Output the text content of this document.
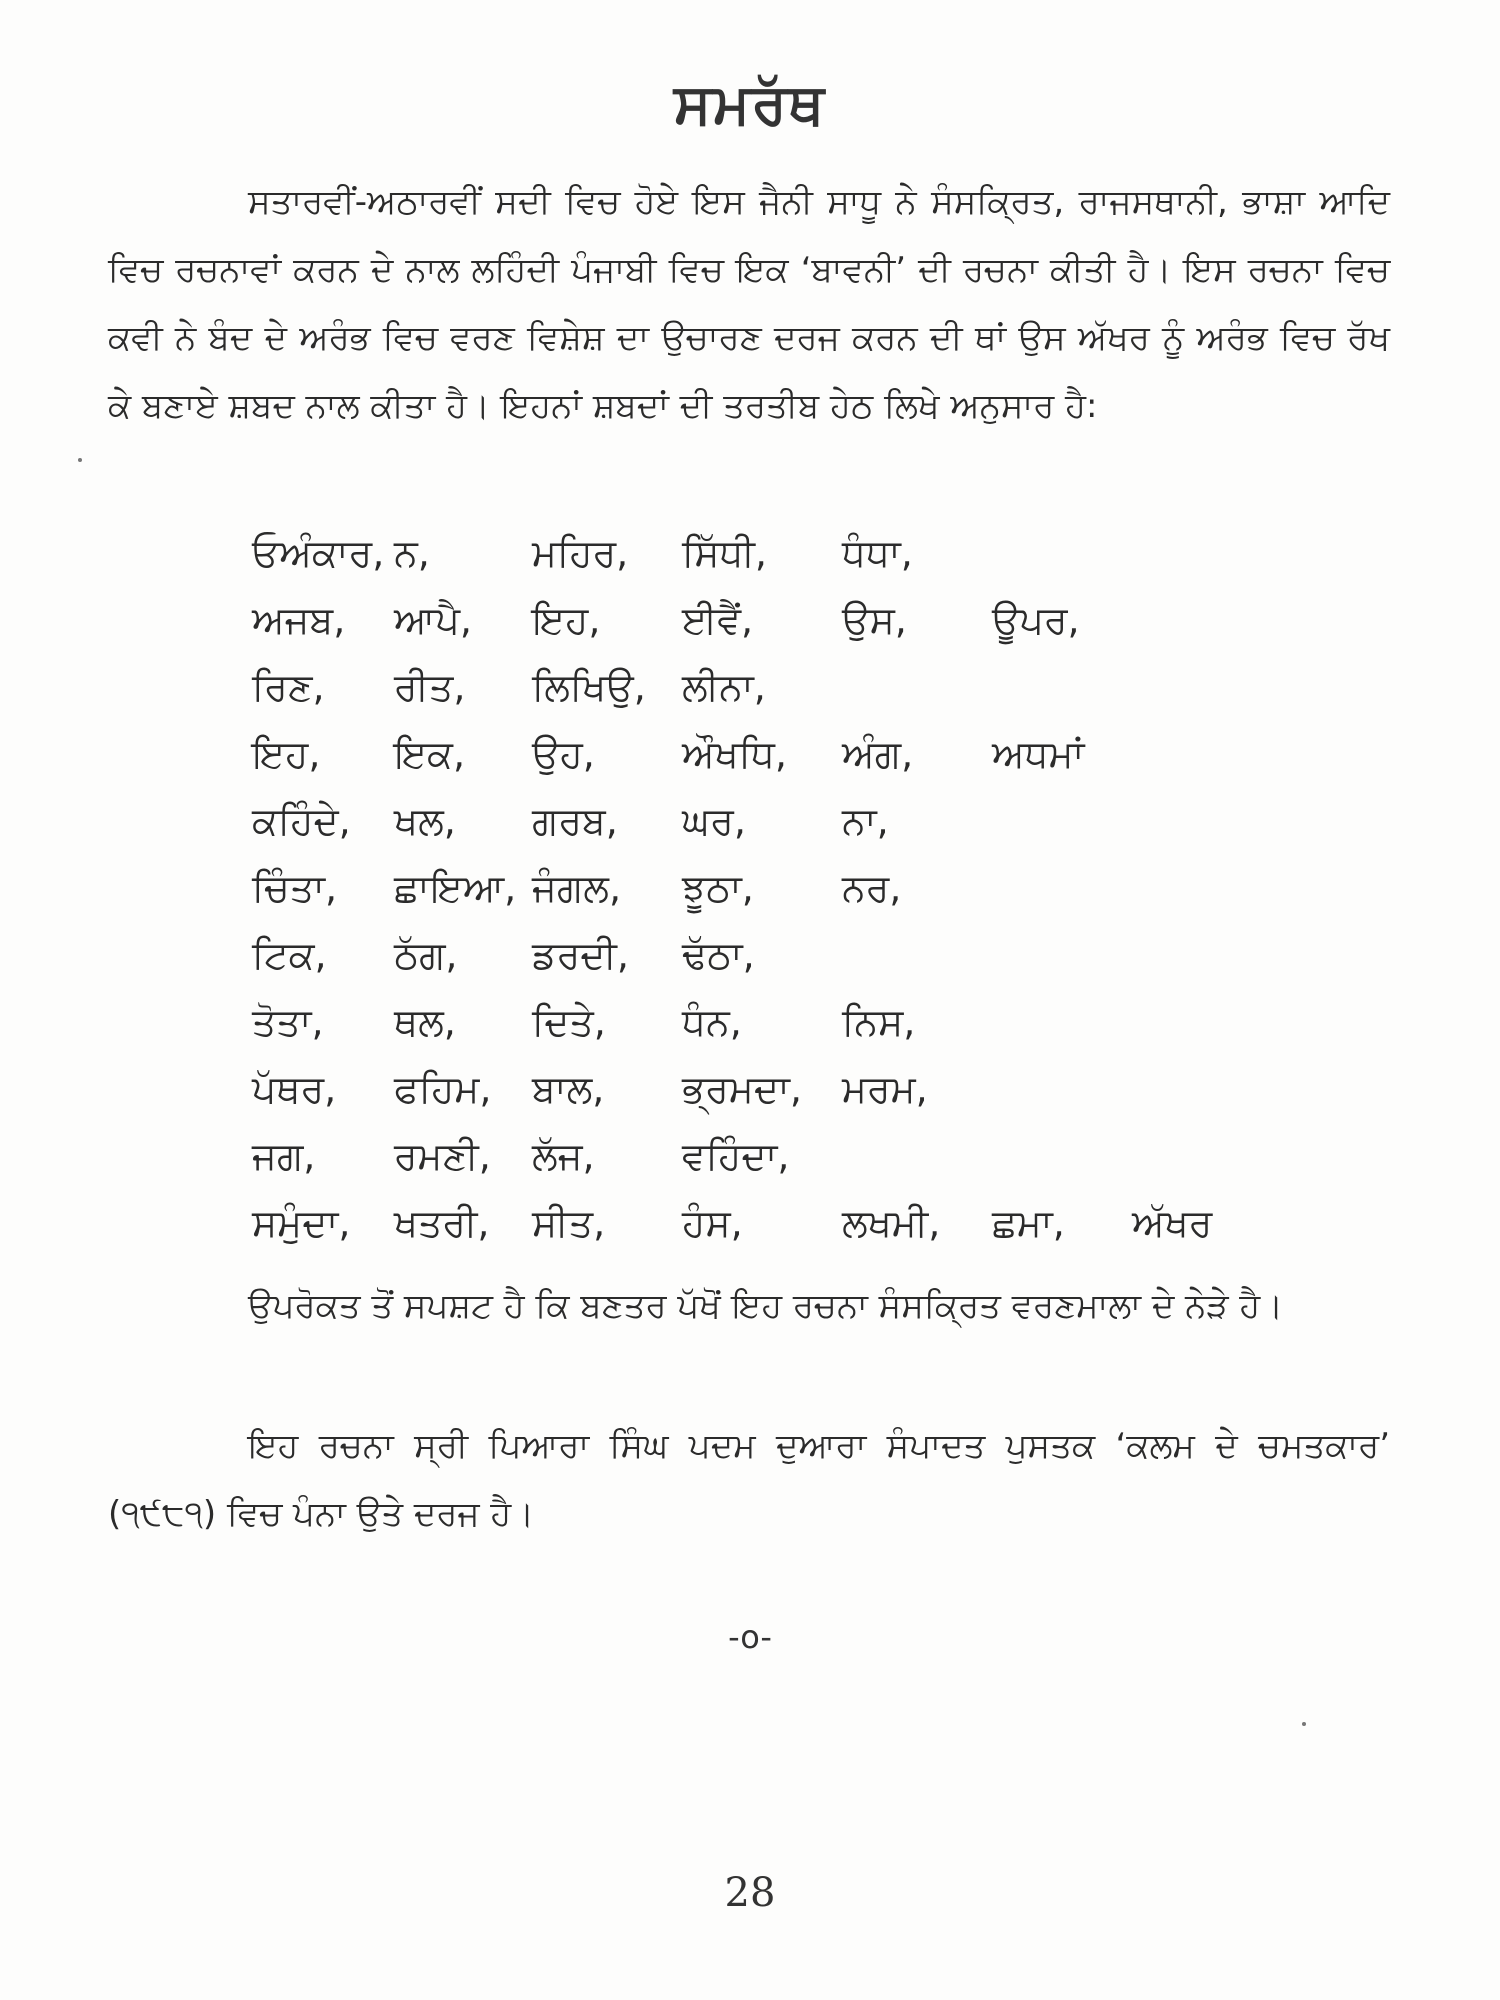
ਸਮਰੱਥ

ਸਤਾਰਵੀਂ-ਅਠਾਰਵੀਂ ਸਦੀ ਵਿਚ ਹੋਏ ਇਸ ਜੈਨੀ ਸਾਧੂ ਨੇ ਸੰਸਕ੍ਰਿਤ, ਰਾਜਸਥਾਨੀ, ਭਾਸ਼ਾ ਆਦਿ ਵਿਚ ਰਚਨਾਵਾਂ ਕਰਨ ਦੇ ਨਾਲ ਲਹਿੰਦੀ ਪੰਜਾਬੀ ਵਿਚ ਇਕ ‘ਬਾਵਨੀ’ ਦੀ ਰਚਨਾ ਕੀਤੀ ਹੈ। ਇਸ ਰਚਨਾ ਵਿਚ ਕਵੀ ਨੇ ਬੰਦ ਦੇ ਅਰੰਭ ਵਿਚ ਵਰਣ ਵਿਸ਼ੇਸ਼ ਦਾ ਉਚਾਰਣ ਦਰਜ ਕਰਨ ਦੀ ਥਾਂ ਉਸ ਅੱਖਰ ਨੂੰ ਅਰੰਭ ਵਿਚ ਰੱਖ ਕੇ ਬਣਾਏ ਸ਼ਬਦ ਨਾਲ ਕੀਤਾ ਹੈ। ਇਹਨਾਂ ਸ਼ਬਦਾਂ ਦੀ ਤਰਤੀਬ ਹੇਠ ਲਿਖੇ ਅਨੁਸਾਰ ਹੈ:

ਓਅੰਕਾਰ, ਨ,	ਮਹਿਰ, ਸਿੱਧੀ, ਧੰਧਾ,
ਅਜਬ, ਆਪੈ, ਇਹ, ਈਵੈਂ, ਉਸ, ਊਪਰ,
ਰਿਣ, ਰੀਤ, ਲਿਖਿਉ, ਲੀਨਾ,
ਇਹ, ਇਕ, ਉਹ, ਔਖਧਿ, ਅੰਗ, ਅਧਮਾਂ
ਕਹਿੰਦੇ, ਖਲ, ਗਰਬ, ਘਰ,	ਨਾ,
ਚਿੰਤਾ, ਛਾਇਆ, ਜੰਗਲ, ਝੂਠਾ, ਨਰ,
ਟਿਕ, ਠੱਗ, ਡਰਦੀ, ਢੱਠਾ,
ਤੋਤਾ, ਥਲ, ਦਿਤੇ, ਧੰਨ,	ਨਿਸ,
ਪੱਥਰ, ਫਹਿਮ, ਬਾਲ, ਭ੍ਰਮਦਾ, ਮਰਮ,
ਜਗ, ਰਮਣੀ, ਲੱਜ, ਵਹਿੰਦਾ,
ਸਮੁੰਦਾ, ਖਤਰੀ, ਸੀਤ, ਹੰਸ,	ਲਖਮੀ, ਛਮਾ, ਅੱਖਰ

ਉਪਰੋਕਤ ਤੋਂ ਸਪਸ਼ਟ ਹੈ ਕਿ ਬਣਤਰ ਪੱਖੋਂ ਇਹ ਰਚਨਾ ਸੰਸਕ੍ਰਿਤ ਵਰਣਮਾਲਾ ਦੇ ਨੇੜੇ ਹੈ।

ਇਹ ਰਚਨਾ ਸ੍ਰੀ ਪਿਆਰਾ ਸਿੰਘ ਪਦਮ ਦੁਆਰਾ ਸੰਪਾਦਤ ਪੁਸਤਕ ‘ਕਲਮ ਦੇ ਚਮਤਕਾਰ’ (੧੯੮੧) ਵਿਚ ਪੰਨਾ ਉਤੇ ਦਰਜ ਹੈ।

-o-

28
